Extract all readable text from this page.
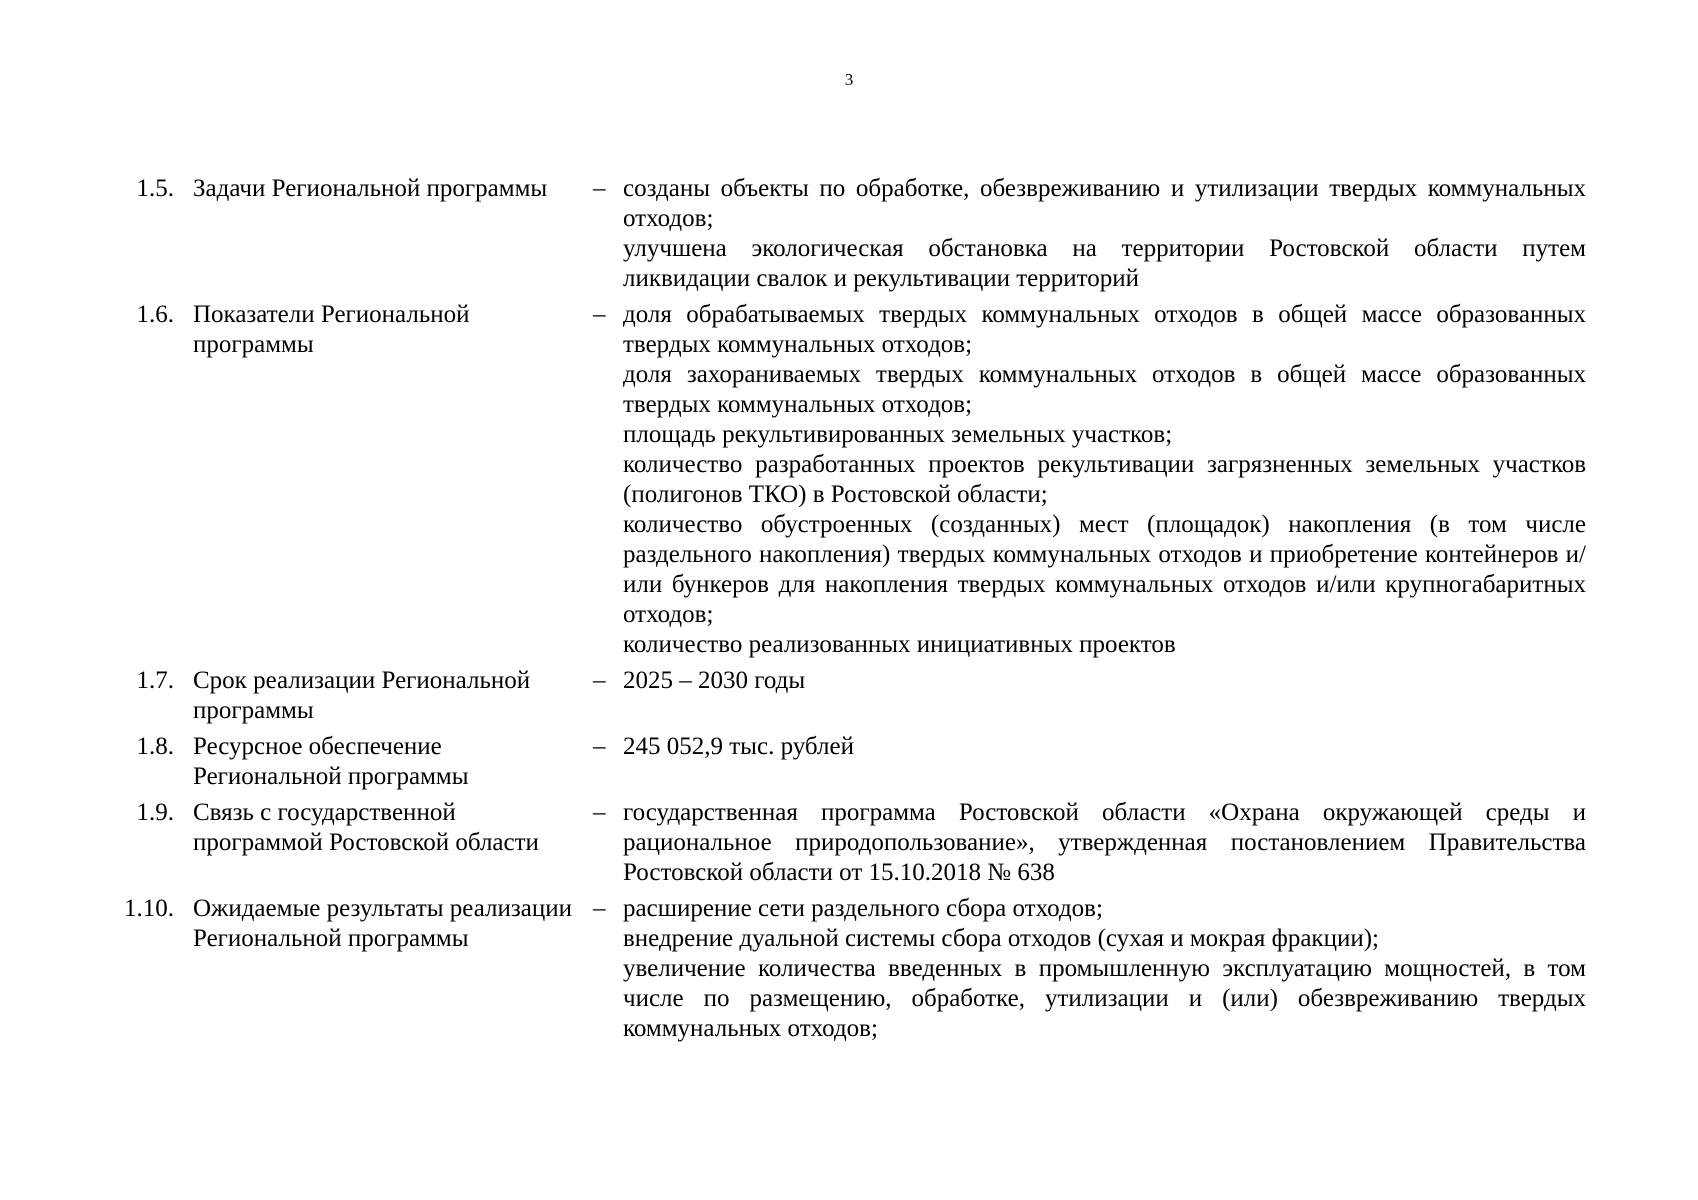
3
1.5. Задачи Региональной программы	– созданы объекты по обработке, обезвреживанию и утилизации твердых коммунальных отходов;

улучшена экологическая обстановка на территории Ростовской области путем ликвидации свалок и рекультивации территорий

1.6. Показатели Региональной программы
– доля обрабатываемых твердых коммунальных отходов в общей массе образованных твердых коммунальных отходов;

доля захораниваемых твердых коммунальных отходов в общей массе образованных твердых коммунальных отходов;

площадь рекультивированных земельных участков;

количество разработанных проектов рекультивации загрязненных земельных участков (полигонов ТКО) в Ростовской области;

количество обустроенных (созданных) мест (площадок) накопления (в том числе раздельного накопления) твердых коммунальных отходов и приобретение контейнеров и/или бункеров для накопления твердых коммунальных отходов и/или крупногабаритных отходов;

количество реализованных инициативных проектов

1.7. Срок реализации Региональной программы
– 2025 – 2030 годы

1.8. Ресурсное обеспечение Региональной программы
– 245 052,9 тыс. рублей

1.9. Связь с государственной программой Ростовской области
– государственная программа Ростовской области «Охрана окружающей среды и рациональное природопользование», утвержденная постановлением Правительства Ростовской области от 15.10.2018 № 638

1.10. Ожидаемые результаты реализации Региональной программы
– расширение сети раздельного сбора отходов;

внедрение дуальной системы сбора отходов (сухая и мокрая фракции);

увеличение количества введенных в промышленную эксплуатацию мощностей, в том числе по размещению, обработке, утилизации и (или) обезвреживанию твердых коммунальных отходов;
